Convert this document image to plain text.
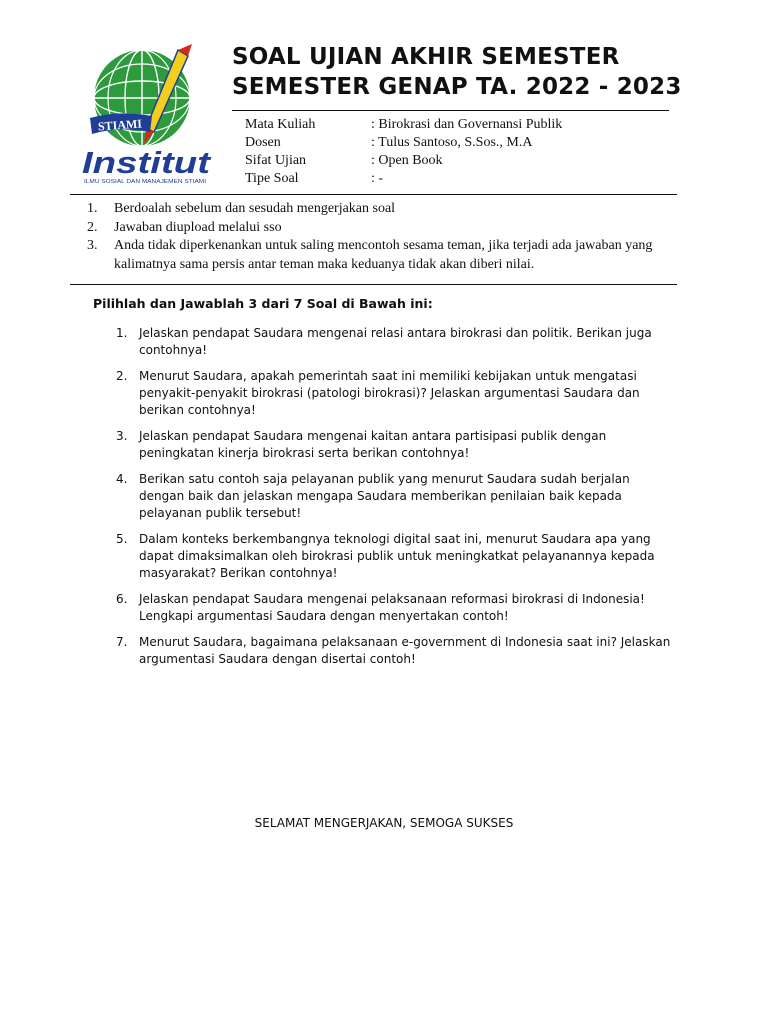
STIAMI
Institut
ILMU SOSIAL DAN MANAJEMEN STIAMI
SOAL UJIAN AKHIR SEMESTER
SEMESTER GENAP TA. 2022 - 2023
Mata Kuliah	: Birokrasi dan Governansi Publik
Dosen	: Tulus Santoso, S.Sos., M.A
Sifat Ujian	: Open Book
Tipe Soal	: -
1.	Berdoalah sebelum dan sesudah mengerjakan soal
2.	Jawaban diupload melalui sso
3.	Anda tidak diperkenankan untuk saling mencontoh sesama teman, jika terjadi ada jawaban yang kalimatnya sama persis antar teman maka keduanya tidak akan diberi nilai.

Pilihlah dan Jawablah 3 dari 7 Soal di Bawah ini:

1. Jelaskan pendapat Saudara mengenai relasi antara birokrasi dan politik. Berikan juga contohnya!
2. Menurut Saudara, apakah pemerintah saat ini memiliki kebijakan untuk mengatasi penyakit-penyakit birokrasi (patologi birokrasi)? Jelaskan argumentasi Saudara dan berikan contohnya!
3. Jelaskan pendapat Saudara mengenai kaitan antara partisipasi publik dengan peningkatan kinerja birokrasi serta berikan contohnya!
4. Berikan satu contoh saja pelayanan publik yang menurut Saudara sudah berjalan dengan baik dan jelaskan mengapa Saudara memberikan penilaian baik kepada pelayanan publik tersebut!
5. Dalam konteks berkembangnya teknologi digital saat ini, menurut Saudara apa yang dapat dimaksimalkan oleh birokrasi publik untuk meningkatkat pelayanannya kepada masyarakat? Berikan contohnya!
6. Jelaskan pendapat Saudara mengenai pelaksanaan reformasi birokrasi di Indonesia! Lengkapi argumentasi Saudara dengan menyertakan contoh!
7. Menurut Saudara, bagaimana pelaksanaan e-government di Indonesia saat ini? Jelaskan argumentasi Saudara dengan disertai contoh!
SELAMAT MENGERJAKAN, SEMOGA SUKSES
